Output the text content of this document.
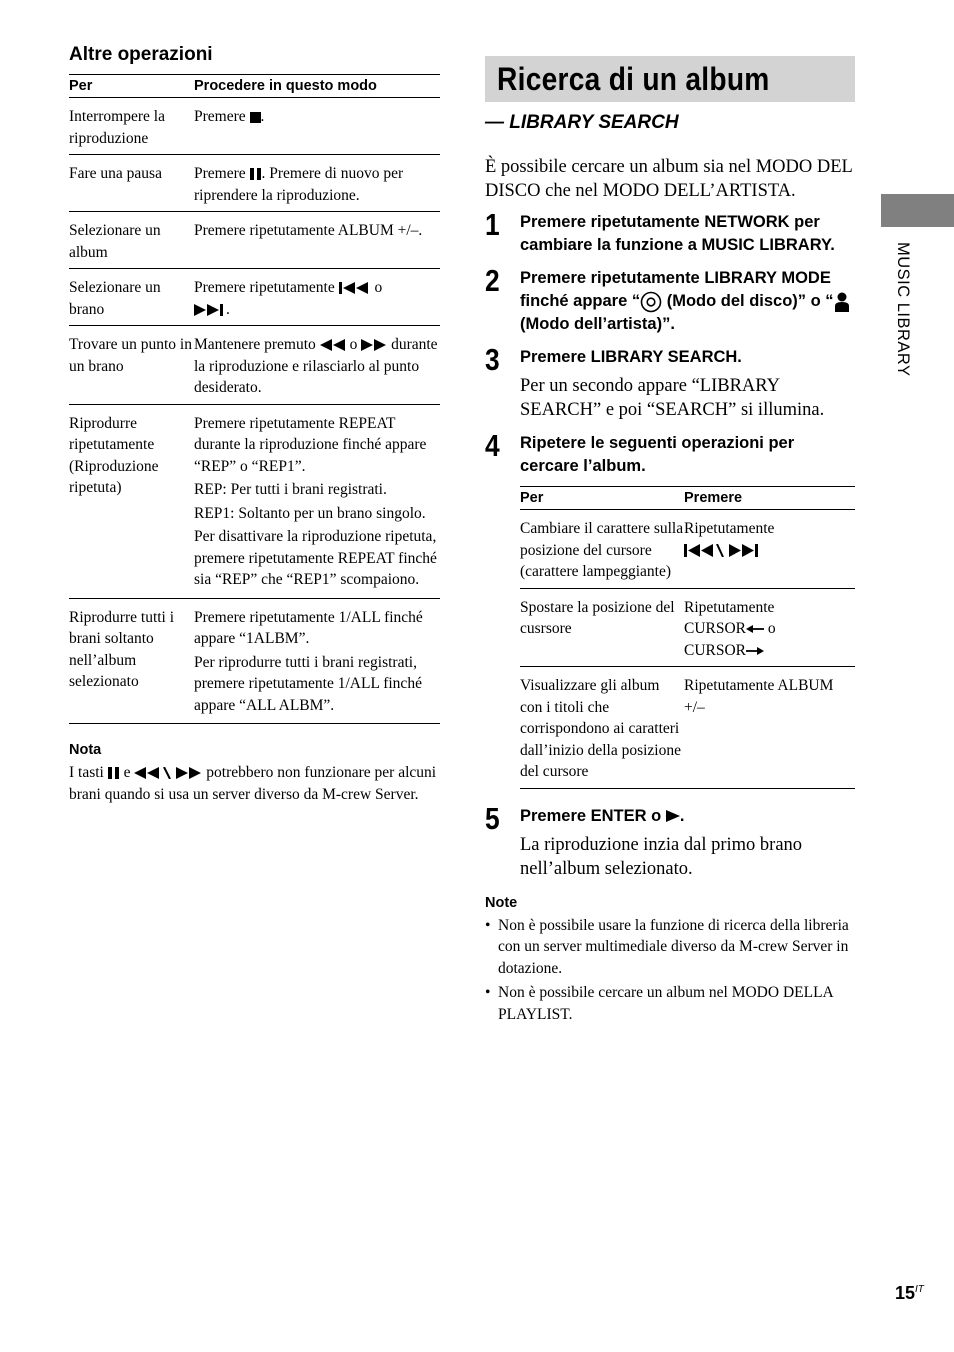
Altre operazioni
Per	Procedere in questo modo
Interrompere la riproduzione	Premere .
Fare una pausa	Premere . Premere di nuovo per riprendere la riproduzione.
Selezionare un album	Premere ripetutamente ALBUM +/–.
Selezionare un brano	Premere ripetutamente  o
.
Trovare un punto in un brano	Mantenere premuto  o  durante la riproduzione e rilasciarlo al punto desiderato.
Riprodurre ripetutamente (Riproduzione ripetuta)	Premere ripetutamente REPEAT durante la riproduzione finché appare “REP” o “REP1”.

REP: Per tutti i brani registrati.

REP1: Soltanto per un brano singolo.

Per disattivare la riproduzione ripetuta, premere ripetutamente REPEAT finché sia “REP” che “REP1” scompaiono.

Riprodurre tutti i brani soltanto nell’album selezionato	Premere ripetutamente 1/ALL finché appare “1ALBM”.

Per riprodurre tutti i brani registrati, premere ripetutamente 1/ALL finché appare “ALL ALBM”.

Nota

I tasti  e	potrebbero non funzionare per alcuni brani quando si usa un server diverso da M-crew Server.

Ricerca di un album
— LIBRARY SEARCH

È possibile cercare un album sia nel MODO DEL DISCO che nel MODO DELL’ARTISTA.

1 Premere ripetutamente NETWORK per cambiare la funzione a MUSIC LIBRARY.

2 Premere ripetutamente LIBRARY MODE finché appare “ (Modo del disco)” o “ (Modo dell’artista)”.

3 Premere LIBRARY SEARCH.

Per un secondo appare “LIBRARY SEARCH” e poi “SEARCH” si illumina.

4 Ripetere le seguenti operazioni per cercare l’album.

Per	Premere
Cambiare il carattere sulla posizione del cursore (carattere lampeggiante)	Ripetutamente

Spostare la posizione del cusrsore	Ripetutamente
CURSOR o
CURSOR
Visualizzare gli album con i titoli che corrispondono ai caratteri dall’inizio della posizione del cursore	Ripetutamente ALBUM +/–
5 Premere ENTER o .

La riproduzione inzia dal primo brano nell’album selezionato.

Note
• Non è possibile usare la funzione di ricerca della libreria con un server multimediale diverso da M-crew Server in dotazione.
• Non è possibile cercare un album nel MODO DELLA PLAYLIST.
MUSIC LIBRARY
$15^{IT}$
